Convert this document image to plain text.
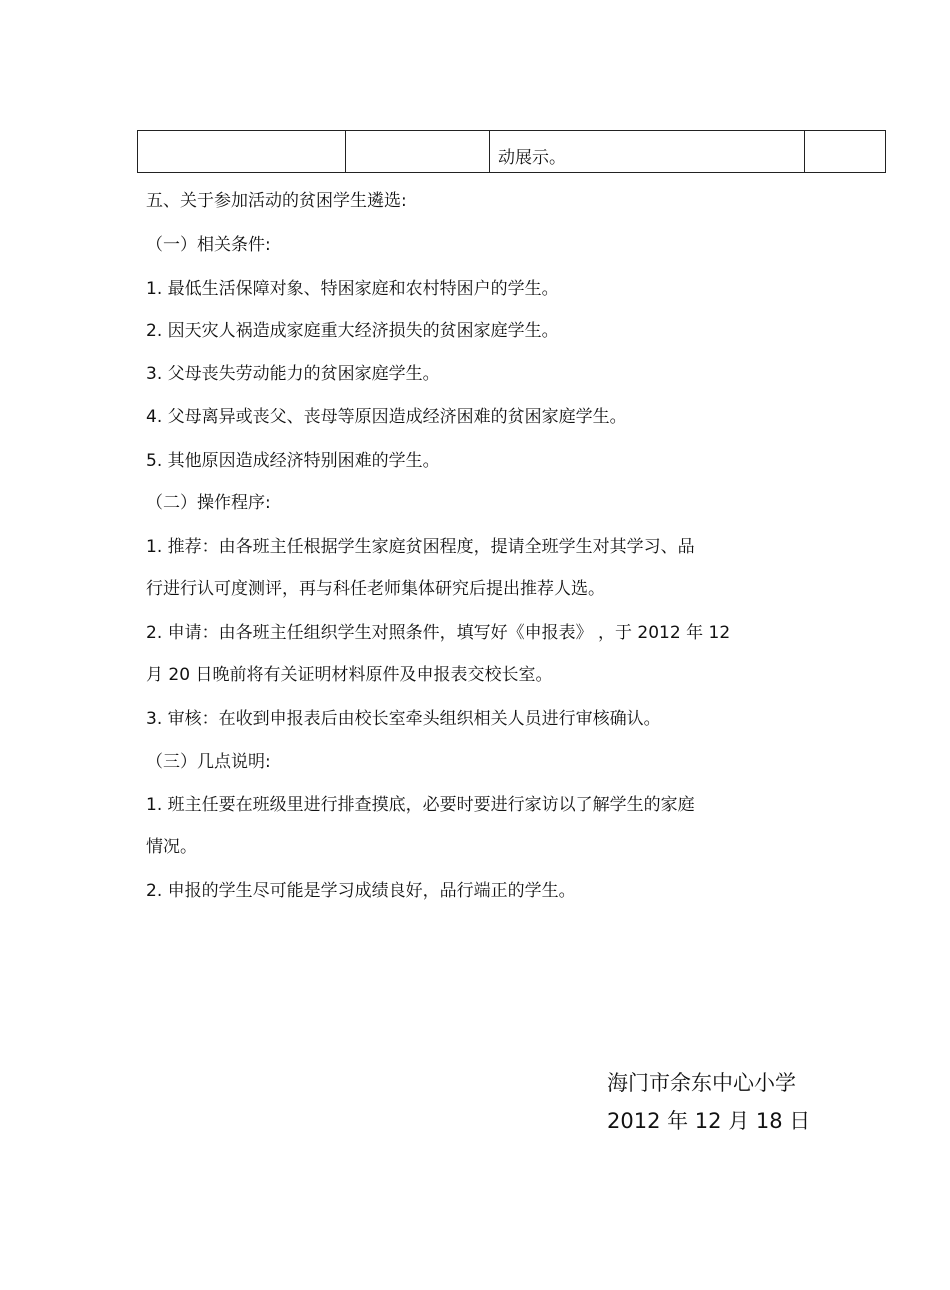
		动展示。	
五、关于参加活动的贫困学生遴选:
（一）相关条件:
1. 最低生活保障对象、特困家庭和农村特困户的学生。
2. 因天灾人祸造成家庭重大经济损失的贫困家庭学生。
3. 父母丧失劳动能力的贫困家庭学生。
4. 父母离异或丧父、丧母等原因造成经济困难的贫困家庭学生。
5. 其他原因造成经济特别困难的学生。
（二）操作程序:
1. 推荐：由各班主任根据学生家庭贫困程度，提请全班学生对其学习、品
行进行认可度测评，再与科任老师集体研究后提出推荐人选。
2. 申请：由各班主任组织学生对照条件，填写好《申报表》 ，于 2012 年 12
月 20 日晚前将有关证明材料原件及申报表交校长室。
3. 审核：在收到申报表后由校长室牵头组织相关人员进行审核确认。
（三）几点说明:
1. 班主任要在班级里进行排查摸底，必要时要进行家访以了解学生的家庭
情况。
2. 申报的学生尽可能是学习成绩良好，品行端正的学生。
海门市余东中心小学
2012 年 12 月 18 日
